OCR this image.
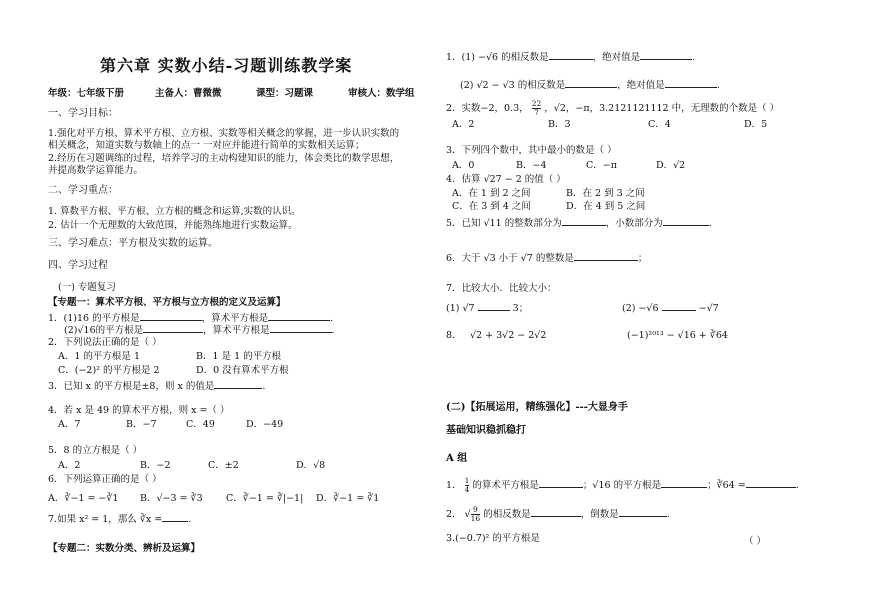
第六章 实数小结-习题训练教学案
年级：七年级下册	主备人：曹微微	课型：习题课	审核人：数学组
一、学习目标：
1.强化对平方根、算术平方根、立方根、实数等相关概念的掌握，进一步认识实数的
相关概念，知道实数与数轴上的点一 一对应并能进行简单的实数相关运算；
2.经历在习题调练的过程，培养学习的主动构建知识的能力，体会类比的数学思想，
并提高数学运算能力。
二、学习重点：
1. 算数平方根、平方根、立方根的概念和运算,实数的认识。
2. 估计一个无理数的大致范围，并能熟练地进行实数运算。
三、学习难点：平方根及实数的运算。
四、学习过程
(一) 专题复习
【专题一：算术平方根、平方根与立方根的定义及运算】
1．(1)16 的平方根是	，算术平方根是	.
(2)√16的平方根是	，算术平方根是	.
2．下列说法正确的是（ ）
A．1 的平方根是 1	B．1 是 1 的平方根
C．(−2)² 的平方根是 2	D．0 没有算术平方根
3．已知 x 的平方根是±8，则 x 的值是	.
4．若 x 是 49 的算术平方根，则 x =（ ）
A．7	B．−7	C．49	D．−49
5．8 的立方根是（ ）
A．2	B．−2	C．±2	D．√8
6．下列运算正确的是（ ）
A．∛−1 = −∛1 B．√−3 = ∛3 C．∛−1 = ∛|−1| D．∛−1 = ∛1
7.如果 x² = 1，那么 ∛x =	.
【专题二：实数分类、辨析及运算】
1．(1) −√6 的相反数是	，绝对值是	.
(2) √2 − √3 的相反数是	，绝对值是	.
2．实数−2，0.3， $\frac{22}{7}$ ，√2，−π，3.2121121112 中，无理数的个数是（ ）
A．2	B．3	C．4	D．5
3．下列四个数中，其中最小的数是（ ）
A．0	B．−4	C．−π	D．√2
4．估算 √27 − 2 的值（ ）
A．在 1 到 2 之间	B．在 2 到 3 之间
C．在 3 到 4 之间	D．在 4 到 5 之间
5．已知 √11 的整数部分为	，小数部分为	.
6．大于 √3 小于 √7 的整数是	；
7．比较大小．比较大小：
(1) √7	3；	(2) −√6	−√7
8. √2 + 3√2 − 2√2	(−1)²⁰¹³ − √16 + ∛64
(二)【拓展运用，精练强化】---大显身手
基础知识稳抓稳打
A 组
1． $\frac{1}{4}$ 的算术平方根是	；√16 的平方根是	；∛64 =	.
2． √ $\frac{9}{16}$ 的相反数是	，倒数是	.
3.(−0.7)² 的平方根是	（ ）
